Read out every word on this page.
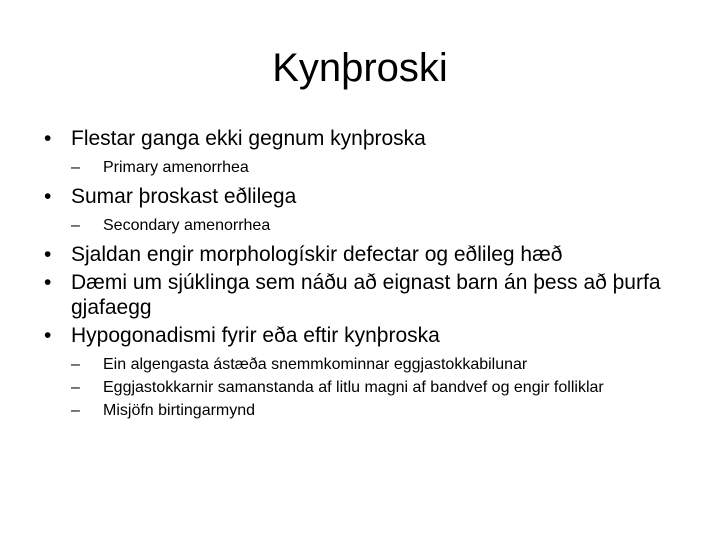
Kynþroski
• Flestar ganga ekki gegnum kynþroska
– Primary amenorrhea
• Sumar þroskast eðlilega
– Secondary amenorrhea
• Sjaldan engir morphologískir defectar og eðlileg hæð
• Dæmi um sjúklinga sem náðu að eignast barn án þess að þurfa gjafaegg
• Hypogonadismi fyrir eða eftir kynþroska
– Ein algengasta ástæða snemmkominnar eggjastokkabilunar
– Eggjastokkarnir samanstanda af litlu magni af bandvef og engir folliklar
– Misjöfn birtingarmynd
